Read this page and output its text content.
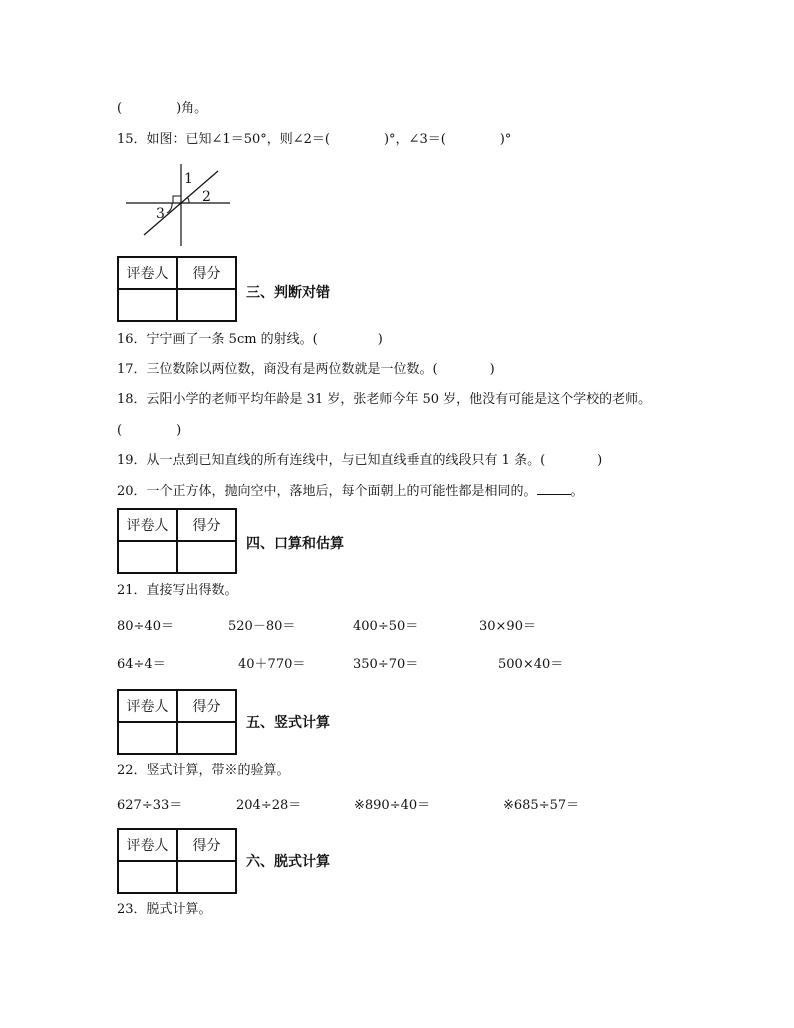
(	)角。
15．如图：已知∠1＝50°，则∠2＝(	)°，∠3＝(	)°
1
2
3
评卷人	得分

三、判断对错
16．宁宁画了一条 5cm 的射线。(	)
17．三位数除以两位数，商没有是两位数就是一位数。(	)
18．云阳小学的老师平均年龄是 31 岁，张老师今年 50 岁，他没有可能是这个学校的老师。
(	)
19．从一点到已知直线的所有连线中，与已知直线垂直的线段只有 1 条。(	)
20．一个正方体，抛向空中，落地后，每个面朝上的可能性都是相同的。	。
评卷人	得分

四、口算和估算
21．直接写出得数。
80÷40＝	520－80＝	400÷50＝	30×90＝
64÷4＝	40＋770＝	350÷70＝	500×40＝
评卷人	得分

五、竖式计算
22．竖式计算，带※的验算。
627÷33＝	204÷28＝	※890÷40＝	※685÷57＝
评卷人	得分

六、脱式计算
23．脱式计算。
